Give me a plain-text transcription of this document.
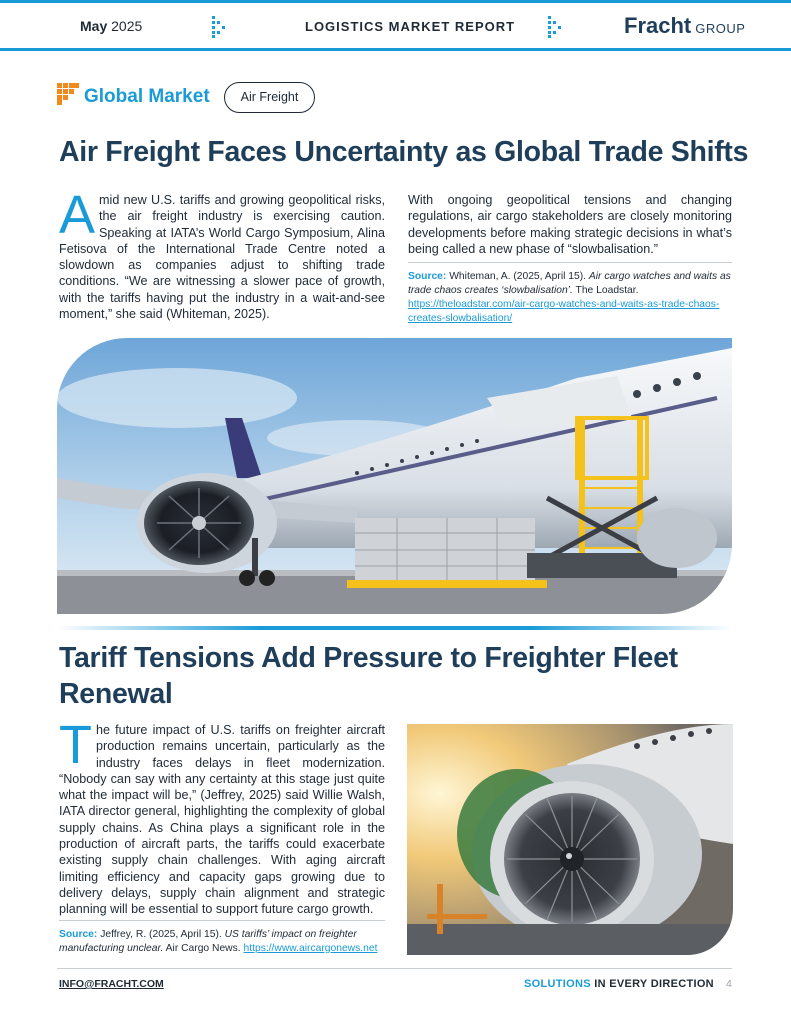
May 2025	LOGISTICS MARKET REPORT	Fracht GROUP
Global Market	Air Freight
Air Freight Faces Uncertainty as Global Trade Shifts
Amid new U.S. tariffs and growing geopolitical risks, the air freight industry is exercising caution. Speaking at IATA’s World Cargo Symposium, Alina Fetisova of the International Trade Centre noted a slowdown as companies adjust to shifting trade conditions. “We are witnessing a slower pace of growth, with the tariffs having put the industry in a wait-and-see moment,” she said (Whiteman, 2025).
With ongoing geopolitical tensions and changing regulations, air cargo stakeholders are closely monitoring developments before making strategic decisions in what’s being called a new phase of “slowbalisation.”
Source: Whiteman, A. (2025, April 15). Air cargo watches and waits as trade chaos creates ‘slowbalisation’. The Loadstar.
https://theloadstar.com/air-cargo-watches-and-waits-as-trade-chaos-creates-slowbalisation/
Tariff Tensions Add Pressure to Freighter Fleet Renewal
The future impact of U.S. tariffs on freighter aircraft production remains uncertain, particularly as the industry faces delays in fleet modernization. “Nobody can say with any certainty at this stage just quite what the impact will be,” (Jeffrey, 2025) said Willie Walsh, IATA director general, highlighting the complexity of global supply chains. As China plays a significant role in the production of aircraft parts, the tariffs could exacerbate existing supply chain challenges. With aging aircraft limiting efficiency and capacity gaps growing due to delivery delays, supply chain alignment and strategic planning will be essential to support future cargo growth.
Source: Jeffrey, R. (2025, April 15). US tariffs’ impact on freighter manufacturing unclear. Air Cargo News. https://www.aircargonews.net
INFO@FRACHT.COM	SOLUTIONS IN EVERY DIRECTION 4
